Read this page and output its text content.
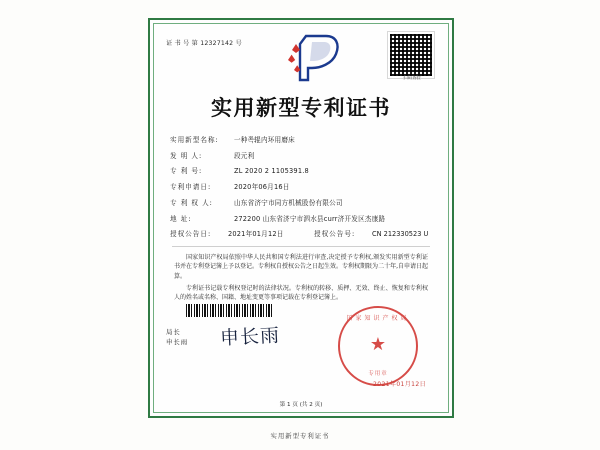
证 书 号 第 12327142 号
扫码查验
实用新型专利证书
实用新型名称:	一种쪽辊内环用磨床
发 明 人:	段元利
专 利 号:	ZL 2020 2 1105391.8
专利申请日:	2020年06月16日
专 利 权 人:	山东省济宁市同方机械股份有限公司
地 址:	272200 山东省济宁市泗水县curr济开发区杰康路
授权公告日:	2021年01月12日	授权公告号:	CN 212330523 U

国家知识产权局依照中华人民共和国专利法进行审查,决定授予专利权,颁发实用新型专利证书并在专利登记簿上予以登记。专利权自授权公告之日起生效。专利权期限为二十年,自申请日起算。

专利证书记载专利权登记时的法律状况。专利权的转移、质押、无效、终止、恢复和专利权人的姓名或名称、国籍、地址变更等事项记载在专利登记簿上。

局长
申长雨 申长雨
国家知识产权局
★
专用章
2021年01月12日
第 1 页 (共 2 页)
实用新型专利证书
